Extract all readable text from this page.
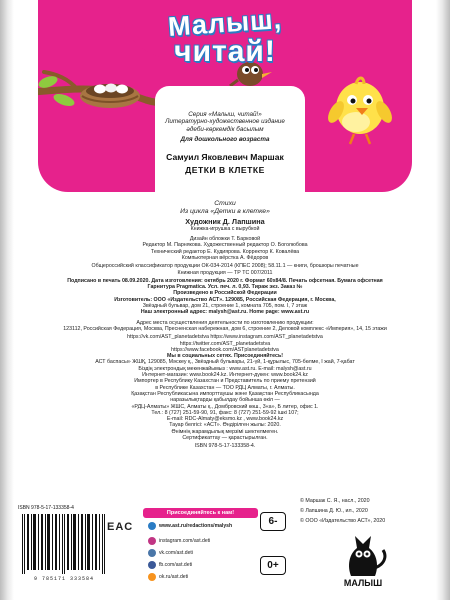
Малыш,
читай!
Серия «Малыш, читай!»
Литературно-художественное издание
әдеби-көркемдік басылым
Для дошкольного возраста
Самуил Яковлевич Маршак
ДЕТКИ В КЛЕТКЕ
Стихи
Из цикла «Детки в клетке»
Художник Д. Лапшина
Книжка-игрушка с вырубкой
Дизайн обложки Т. Барковой
Редактор М. Парнякова. Художественный редактор О. Боголюбова
Технический редактор Е. Кудиярова. Корректор К. Ковалёва
Компьютерная вёрстка А. Фёдоров
Общероссийский классификатор продукции ОК-034-2014 (КПЕС 2008); 58.11.1 — книги, брошюры печатные
Книжная продукция — ТР ТС 007/2011
Подписано в печать 08.09.2020. Дата изготовления: октябрь 2020 г. Формат 60х84/8. Печать офсетная. Бумага офсетная
Гарнитура Pragmatica. Усл. печ. л. 0,93. Тираж экз. Заказ №
Произведено в Российской Федерации
Изготовитель: ООО «Издательство АСТ». 129085, Российская Федерация, г. Москва,
Звёздный бульвар, дом 21, строение 1, комната 705, пом. I, 7 этаж
Наш электронный адрес: malysh@ast.ru. Home page: www.ast.ru
Адрес места осуществления деятельности по изготовлению продукции:
123112, Российская Федерация, Москва, Пресненская набережная, дом 6, строение 2, Деловой комплекс «Империя», 14, 15 этажи
https://vk.com/AST_planetadetstva https://www.instagram.com/AST_planetadetstva
https://twitter.com/AST_planetadetstva
https://www.facebook.com/ASTplanetadetstva
Мы в социальных сетях. Присоединяйтесь!
АСТ баспасы» ЖШҚ, 129085, Мәскеу қ., Звёздный бульвары, 21-үй, 1-құрылыс, 705-бөлме, I жай, 7-қабат
Біздің электрондық мекенжайымыз : www.ast.ru. E-mail: malysh@ast.ru
Интернет-магазин: www.book24.kz. Интернет-дүкен: www.book24.kz
Импортер в Республику Казахстан и Представитель по приему претензий
в Республике Казахстан — ТОО РДЦ Алматы, г. Алматы.
Қазақстан Республикасына импорттаушы және Қазақстан Республикасында
наразылықтарды қабылдау бойынша өкіл —
«РДЦ-Алматы» ЖШС, Алматы қ., Домбровский көш., 3«а», Б литер, офис 1.
Тел.: 8 (727) 251-59-90, 91, факс: 8 (727) 251-59-92 ішкі 107;
E-mail: RDC-Almaty@eksmo.kz , www.book24.kz
Тауар белгісі: «АСТ». Өндірілген жылы: 2020.
Өнімнің жарамдылық мерзімі шектелмеген.
Сертификаттау — қарастырылған.
ISBN 978-5-17-133358-4.
© Маршак С. Я., насл., 2020
© Лапшина Д. Ю., ил., 2020
© ООО «Издательство АСТ», 2020
ISBN 978-5-17-133358-4
9 785171 333584
EAC
Присоединяйтесь к нам!
www.ast.ru/redactions/malysh
instagram.com/ast.deti
vk.com/ast.deti
fb.com/ast.deti
ok.ru/ast.deti
6-
0+
МАЛЫШ
